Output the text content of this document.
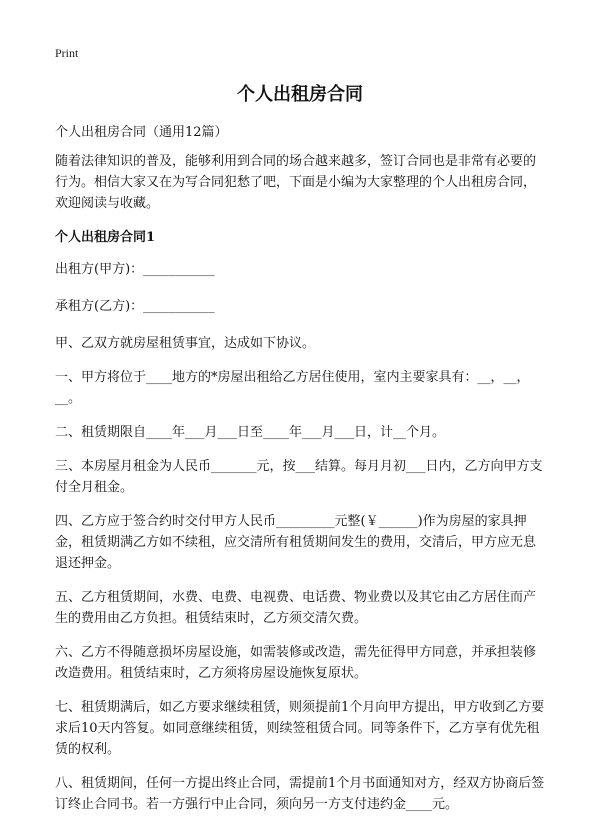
Print
个人出租房合同

个人出租房合同（通用12篇）

随着法律知识的普及，能够利用到合同的场合越来越多，签订合同也是非常有必要的行为。相信大家又在为写合同犯愁了吧，下面是小编为大家整理的个人出租房合同，欢迎阅读与收藏。

个人出租房合同1

出租方(甲方)：___________

承租方(乙方)：___________

甲、乙双方就房屋租赁事宜，达成如下协议。

一、甲方将位于____地方的*房屋出租给乙方居住使用，室内主要家具有：__，__，__。

二、租赁期限自____年___月___日至____年___月___日，计__个月。

三、本房屋月租金为人民币_______元，按___结算。每月月初___日内，乙方向甲方支付全月租金。

四、乙方应于签合约时交付甲方人民币_________元整(￥______)作为房屋的家具押金，租赁期满乙方如不续租，应交清所有租赁期间发生的费用，交清后，甲方应无息退还押金。

五、乙方租赁期间，水费、电费、电视费、电话费、物业费以及其它由乙方居住而产生的费用由乙方负担。租赁结束时，乙方须交清欠费。

六、乙方不得随意损坏房屋设施，如需装修或改造，需先征得甲方同意，并承担装修改造费用。租赁结束时，乙方须将房屋设施恢复原状。

七、租赁期满后，如乙方要求继续租赁，则须提前1个月向甲方提出，甲方收到乙方要求后10天内答复。如同意继续租赁，则续签租赁合同。同等条件下，乙方享有优先租赁的权利。

八、租赁期间，任何一方提出终止合同，需提前1个月书面通知对方，经双方协商后签订终止合同书。若一方强行中止合同，须向另一方支付违约金____元。
